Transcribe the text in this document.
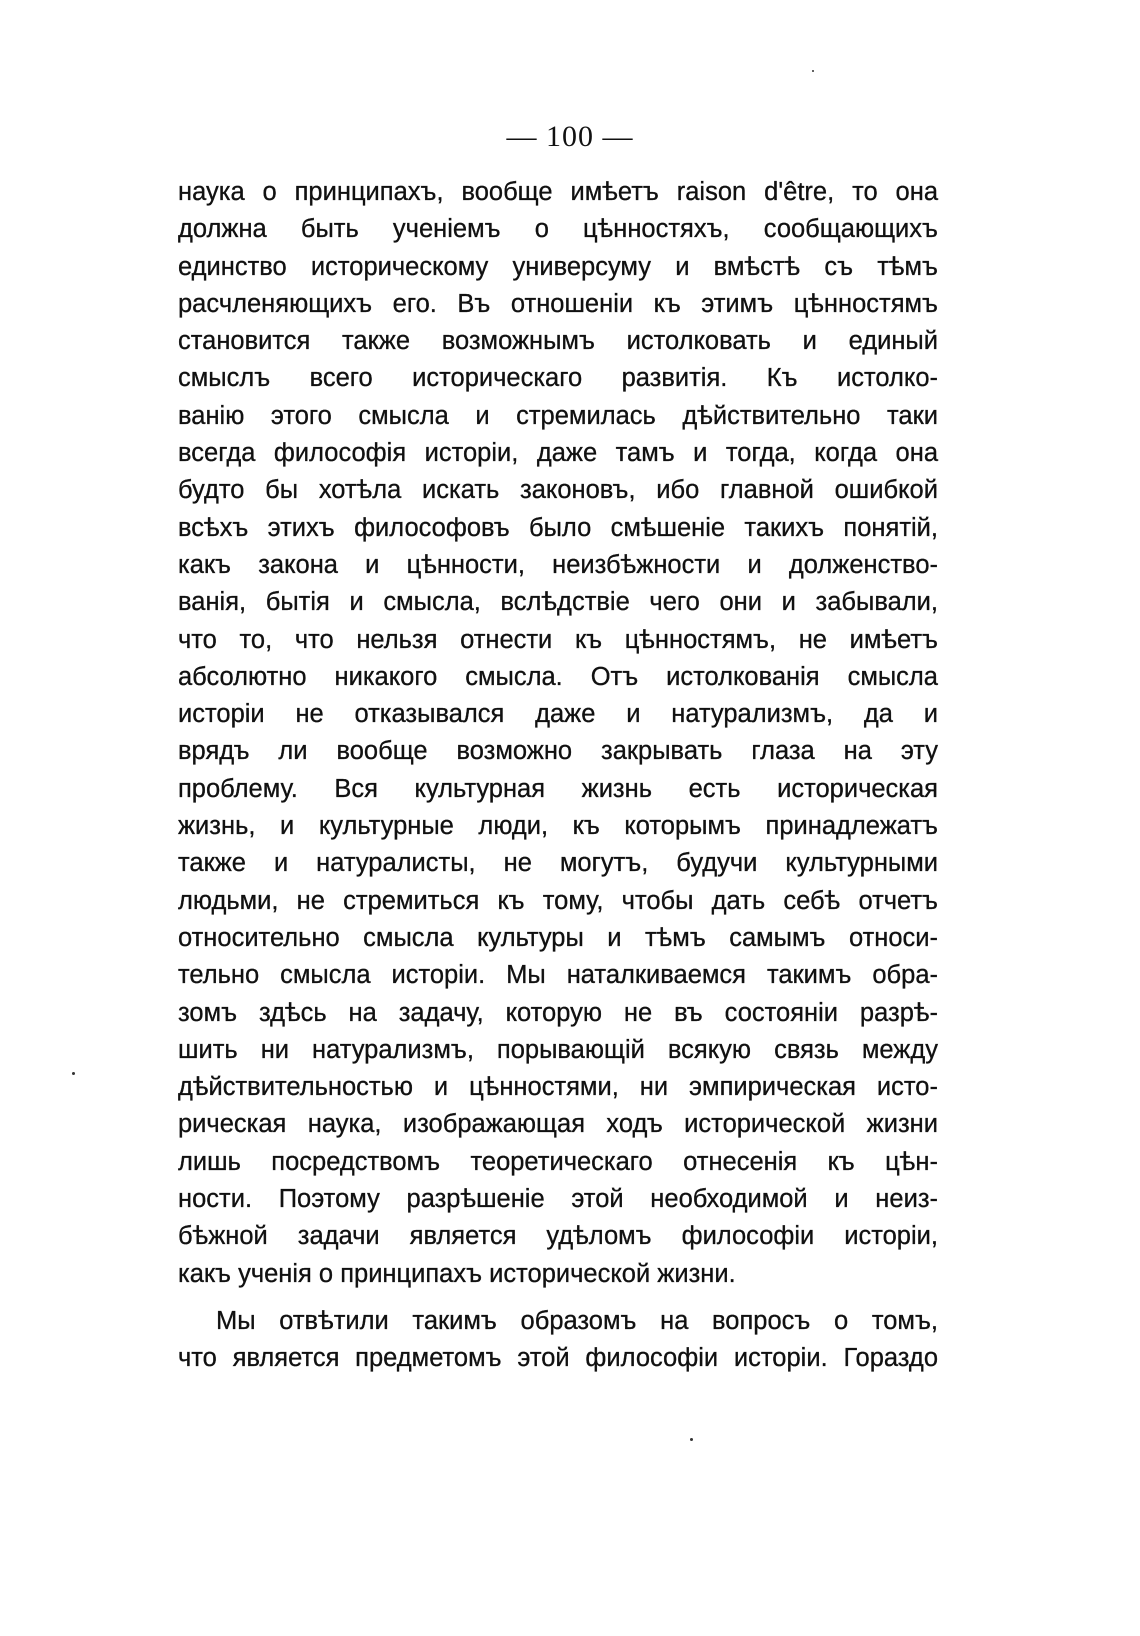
— 100 —
наука о принципахъ, вообще имѣетъ raison d'être, то она
должна быть ученіемъ о цѣнностяхъ, сообщающихъ
единство историческому универсуму и вмѣстѣ съ тѣмъ
расчленяющихъ его. Въ отношеніи къ этимъ цѣнностямъ
становится также возможнымъ истолковать и единый
смыслъ всего историческаго развитія. Къ истолко-
ванію этого смысла и стремилась дѣйствительно таки
всегда философія исторіи, даже тамъ и тогда, когда она
будто бы хотѣла искать законовъ, ибо главной ошибкой
всѣхъ этихъ философовъ было смѣшеніе такихъ понятій,
какъ закона и цѣнности, неизбѣжности и долженство-
ванія, бытія и смысла, вслѣдствіе чего они и забывали,
что то, что нельзя отнести къ цѣнностямъ, не имѣетъ
абсолютно никакого смысла. Отъ истолкованія смысла
исторіи не отказывался даже и натурализмъ, да и
врядъ ли вообще возможно закрывать глаза на эту
проблему. Вся культурная жизнь есть историческая
жизнь, и культурные люди, къ которымъ принадлежатъ
также и натуралисты, не могутъ, будучи культурными
людьми, не стремиться къ тому, чтобы дать себѣ отчетъ
относительно смысла культуры и тѣмъ самымъ относи-
тельно смысла исторіи. Мы наталкиваемся такимъ обра-
зомъ здѣсь на задачу, которую не въ состояніи разрѣ-
шить ни натурализмъ, порывающій всякую связь между
дѣйствительностью и цѣнностями, ни эмпирическая исто-
рическая наука, изображающая ходъ исторической жизни
лишь посредствомъ теоретическаго отнесенія къ цѣн-
ности. Поэтому разрѣшеніе этой необходимой и неиз-
бѣжной задачи является удѣломъ философіи исторіи,
какъ ученія о принципахъ исторической жизни.
Мы отвѣтили такимъ образомъ на вопросъ о томъ,
что является предметомъ этой философіи исторіи. Гораздо
